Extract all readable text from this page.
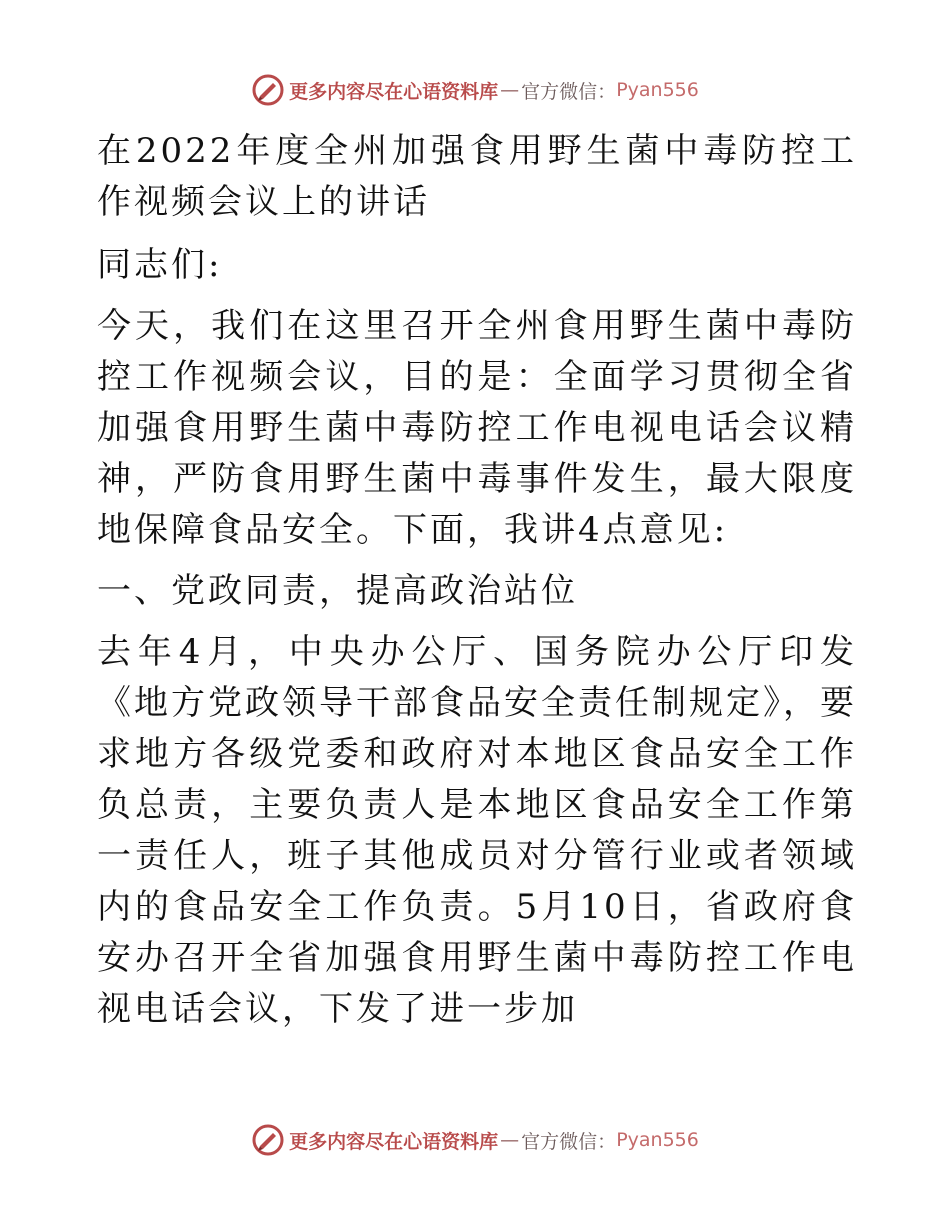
更多内容尽在心语资料库 — 官方微信： Pyan556

在2022年度全州加强食用野生菌中毒防控工作视频会议上的讲话

同志们:

今天，我们在这里召开全州食用野生菌中毒防控工作视频会议，目的是：全面学习贯彻全省加强食用野生菌中毒防控工作电视电话会议精神，严防食用野生菌中毒事件发生，最大限度地保障食品安全。下面，我讲4点意见:

一、党政同责，提高政治站位

去年4月，中央办公厅、国务院办公厅印发《地方党政领导干部食品安全责任制规定》，要求地方各级党委和政府对本地区食品安全工作负总责，主要负责人是本地区食品安全工作第一责任人，班子其他成员对分管行业或者领域内的食品安全工作负责。5月10日，省政府食安办召开全省加强食用野生菌中毒防控工作电视电话会议，下发了进一步加

更多内容尽在心语资料库 — 官方微信： Pyan556
